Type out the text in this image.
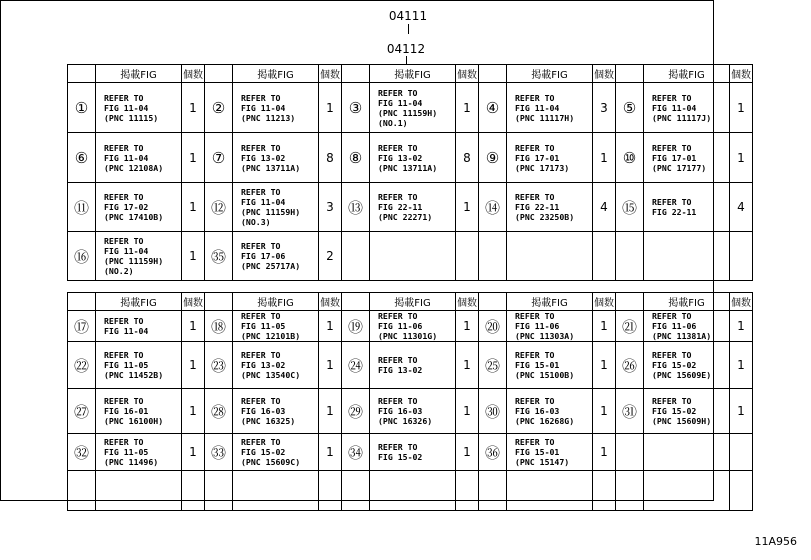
04111
04112
	掲載FIG	個数		掲載FIG	個数		掲載FIG	個数		掲載FIG	個数		掲載FIG	個数
①	REFER TO
FIG 11-04
(PNC 11115)	1	②	REFER TO
FIG 11-04
(PNC 11213)	1	③	REFER TO
FIG 11-04
(PNC 11159H)
(NO.1)	1	④	REFER TO
FIG 11-04
(PNC 11117H)	3	⑤	REFER TO
FIG 11-04
(PNC 11117J)	1
⑥	REFER TO
FIG 11-04
(PNC 12108A)	1	⑦	REFER TO
FIG 13-02
(PNC 13711A)	8	⑧	REFER TO
FIG 13-02
(PNC 13711A)	8	⑨	REFER TO
FIG 17-01
(PNC 17173)	1	⑩	REFER TO
FIG 17-01
(PNC 17177)	1
⑪	REFER TO
FIG 17-02
(PNC 17410B)	1	⑫	REFER TO
FIG 11-04
(PNC 11159H)
(NO.3)	3	⑬	REFER TO
FIG 22-11
(PNC 22271)	1	⑭	REFER TO
FIG 22-11
(PNC 23250B)	4	⑮	REFER TO
FIG 22-11	4
⑯	REFER TO
FIG 11-04
(PNC 11159H)
(NO.2)	1	㉟	REFER TO
FIG 17-06
(PNC 25717A)	2									
	掲載FIG	個数		掲載FIG	個数		掲載FIG	個数		掲載FIG	個数		掲載FIG	個数
⑰	REFER TO
FIG 11-04	1	⑱	REFER TO
FIG 11-05
(PNC 12101B)	1	⑲	REFER TO
FIG 11-06
(PNC 11301G)	1	⑳	REFER TO
FIG 11-06
(PNC 11303A)	1	㉑	REFER TO
FIG 11-06
(PNC 11381A)	1
㉒	REFER TO
FIG 11-05
(PNC 11452B)	1	㉓	REFER TO
FIG 13-02
(PNC 13540C)	1	㉔	REFER TO
FIG 13-02	1	㉕	REFER TO
FIG 15-01
(PNC 15100B)	1	㉖	REFER TO
FIG 15-02
(PNC 15609E)	1
㉗	REFER TO
FIG 16-01
(PNC 16100H)	1	㉘	REFER TO
FIG 16-03
(PNC 16325)	1	㉙	REFER TO
FIG 16-03
(PNC 16326)	1	㉚	REFER TO
FIG 16-03
(PNC 16268G)	1	㉛	REFER TO
FIG 15-02
(PNC 15609H)	1
㉜	REFER TO
FIG 11-05
(PNC 11496)	1	㉝	REFER TO
FIG 15-02
(PNC 15609C)	1	㉞	REFER TO
FIG 15-02	1	㊱	REFER TO
FIG 15-01
(PNC 15147)	1			

11A956
